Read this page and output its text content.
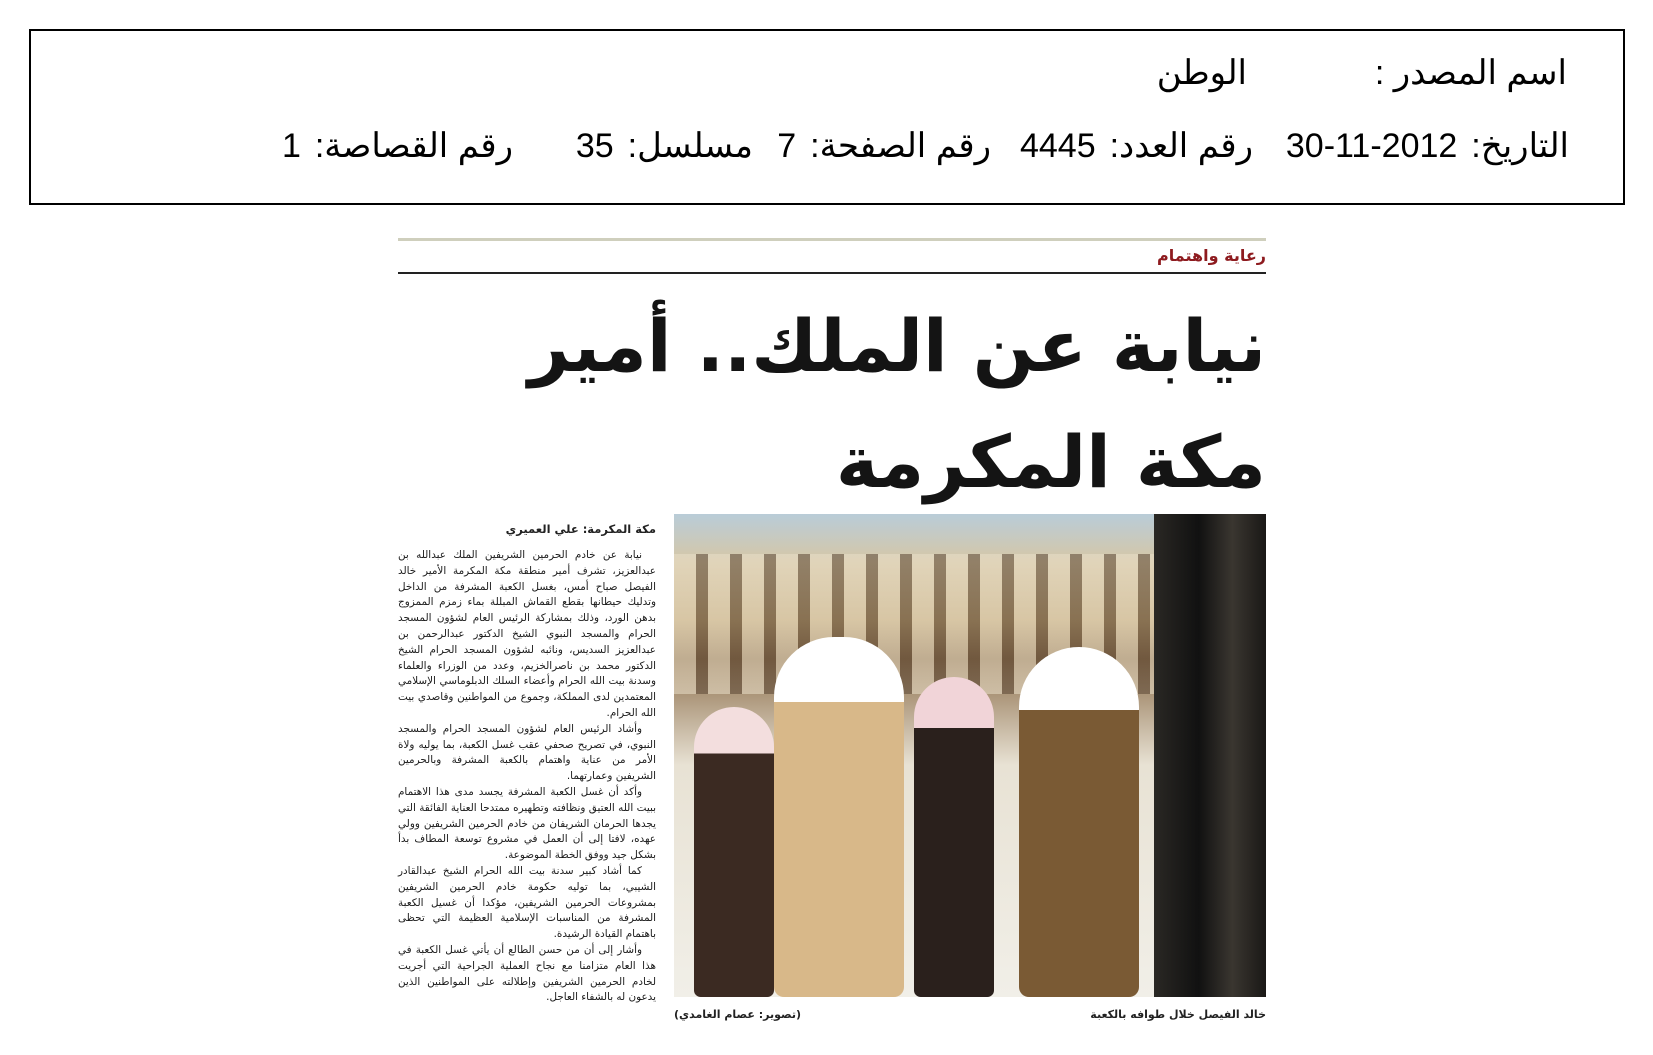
اسم المصدر :
الوطن
التاريخ:2012-11-30
رقم العدد:4445
رقم الصفحة:7
مسلسل:35
رقم القصاصة:1
رعاية واهتمام
نيابة عن الملك.. أمير مكة المكرمة
خالد الفيصل خلال طوافه بالكعبة
(تصوير: عصام الغامدي)
مكة المكرمة: علي العميري

نيابة عن خادم الحرمين الشريفين الملك عبدالله بن عبدالعزيز، تشرف أمير منطقة مكة المكرمة الأمير خالد الفيصل صباح أمس، بغسل الكعبة المشرفة من الداخل وتدليك حيطانها بقطع القماش المبللة بماء زمزم الممزوج بدهن الورد، وذلك بمشاركة الرئيس العام لشؤون المسجد الحرام والمسجد النبوي الشيخ الدكتور عبدالرحمن بن عبدالعزيز السديس، ونائبه لشؤون المسجد الحرام الشيخ الدكتور محمد بن ناصرالخزيم، وعدد من الوزراء والعلماء وسدنة بيت الله الحرام وأعضاء السلك الدبلوماسي الإسلامي المعتمدين لدى المملكة، وجموع من المواطنين وقاصدي بيت الله الحرام.

وأشاد الرئيس العام لشؤون المسجد الحرام والمسجد النبوي، في تصريح صحفي عقب غسل الكعبة، بما يوليه ولاة الأمر من عناية واهتمام بالكعبة المشرفة وبالحرمين الشريفين وعمارتهما.

وأكد أن غسل الكعبة المشرفة يجسد مدى هذا الاهتمام ببيت الله العتيق ونظافته وتطهيره ممتدحا العناية الفائقة التي يجدها الحرمان الشريفان من خادم الحرمين الشريفين وولي عهده، لافتا إلى أن العمل في مشروع توسعة المطاف بدأ بشكل جيد ووفق الخطة الموضوعة.

كما أشاد كبير سدنة بيت الله الحرام الشيخ عبدالقادر الشيبي، بما توليه حكومة خادم الحرمين الشريفين بمشروعات الحرمين الشريفين، مؤكدا أن غسيل الكعبة المشرفة من المناسبات الإسلامية العظيمة التي تحظى باهتمام القيادة الرشيدة.

وأشار إلى أن من حسن الطالع أن يأتي غسل الكعبة في هذا العام متزامنا مع نجاح العملية الجراحية التي أجريت لخادم الحرمين الشريفين وإطلالته على المواطنين الذين يدعون له بالشفاء العاجل.
